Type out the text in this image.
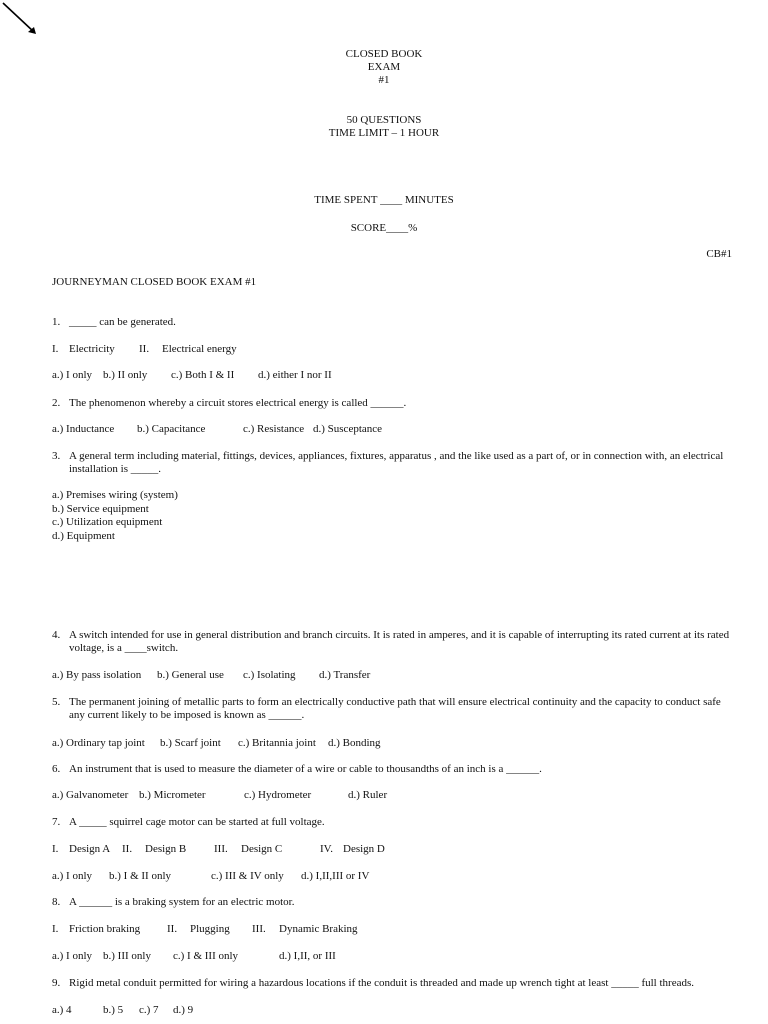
CLOSED BOOK
EXAM
#1
50 QUESTIONS
TIME LIMIT – 1 HOUR
TIME SPENT ____ MINUTES
SCORE____%
CB#1
JOURNEYMAN CLOSED BOOK EXAM #1
1. _____ can be generated.
I. Electricity II. Electrical energy
a.) I only b.) II only c.) Both I & II d.) either I nor II
2. The phenomenon whereby a circuit stores electrical energy is called ______.
a.) Inductance b.) Capacitance	c.) Resistance d.) Susceptance
3. A general term including material, fittings, devices, appliances, fixtures, apparatus , and the like used as a part of, or in connection with, an electrical installation is _____.
a.) Premises wiring (system)
b.) Service equipment
c.) Utilization equipment
d.) Equipment
4. A switch intended for use in general distribution and branch circuits. It is rated in amperes, and it is capable of interrupting its rated current at its rated voltage, is a ____switch.
a.) By pass isolation b.) General use c.) Isolating d.) Transfer
5. The permanent joining of metallic parts to form an electrically conductive path that will ensure electrical continuity and the capacity to conduct safe any current likely to be imposed is known as ______.
a.) Ordinary tap joint b.) Scarf joint c.) Britannia joint d.) Bonding
6. An instrument that is used to measure the diameter of a wire or cable to thousandths of an inch is a ______.
a.) Galvanometer b.) Micrometer	c.) Hydrometer	d.) Ruler
7. A _____ squirrel cage motor can be started at full voltage.
I. Design A II. Design B	III. Design C	IV. Design D
a.) I only b.) I & II only	c.) III & IV only d.) I,II,III or IV
8. A ______ is a braking system for an electric motor.
I. Friction braking II. Plugging III. Dynamic Braking
a.) I only b.) III only c.) I & III only	d.) I,II, or III
9. Rigid metal conduit permitted for wiring a hazardous locations if the conduit is threaded and made up wrench tight at least _____ full threads.
a.) 4	b.) 5 c.) 7 d.) 9
